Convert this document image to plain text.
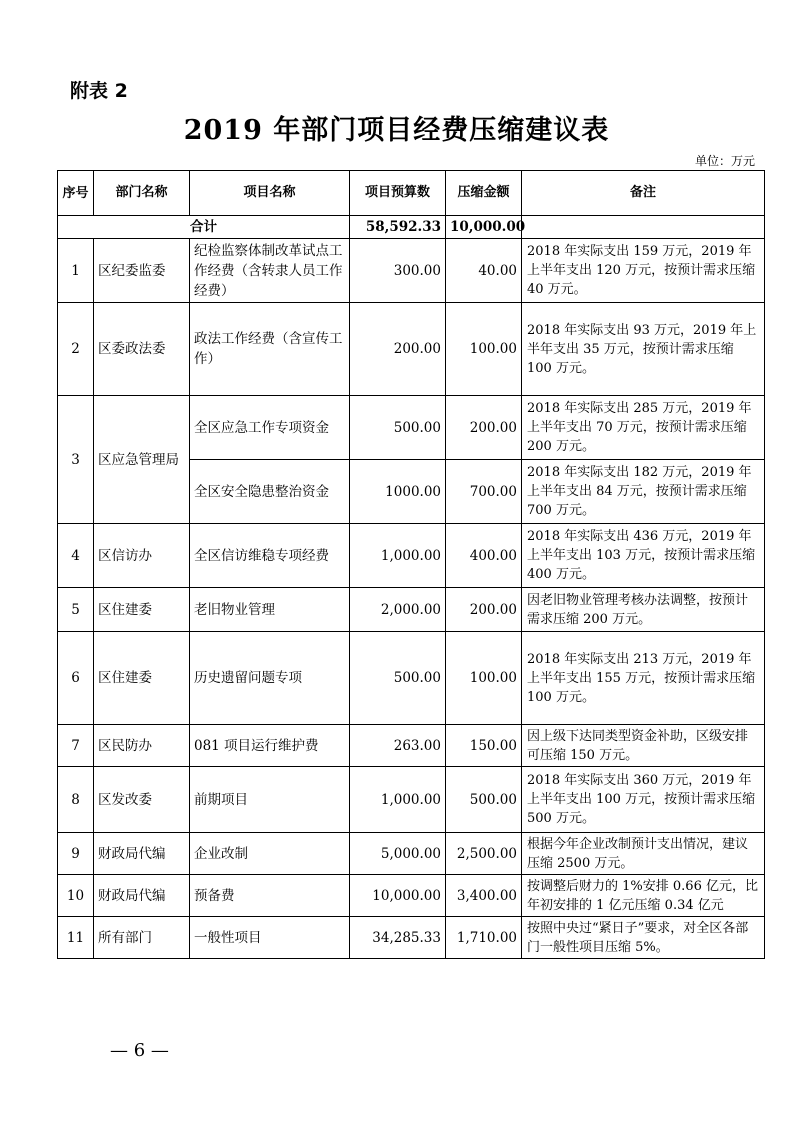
附表 2
2019 年部门项目经费压缩建议表
单位：万元
序号	部门名称	项目名称	项目预算数	压缩金额	备注
合计			58,592.33	10,000.00	
1	区纪委监委	纪检监察体制改革试点工作经费（含转隶人员工作经费）	300.00	40.00	2018 年实际支出 159 万元，2019 年上半年支出 120 万元，按预计需求压缩 40 万元。
2	区委政法委	政法工作经费（含宣传工作）	200.00	100.00	2018 年实际支出 93 万元，2019 年上半年支出 35 万元，按预计需求压缩 100 万元。
3	区应急管理局	全区应急工作专项资金	500.00	200.00	2018 年实际支出 285 万元，2019 年上半年支出 70 万元，按预计需求压缩 200 万元。
		全区安全隐患整治资金	1000.00	700.00	2018 年实际支出 182 万元，2019 年上半年支出 84 万元，按预计需求压缩 700 万元。
4	区信访办	全区信访维稳专项经费	1,000.00	400.00	2018 年实际支出 436 万元，2019 年上半年支出 103 万元，按预计需求压缩 400 万元。
5	区住建委	老旧物业管理	2,000.00	200.00	因老旧物业管理考核办法调整，按预计需求压缩 200 万元。
6	区住建委	历史遗留问题专项	500.00	100.00	2018 年实际支出 213 万元，2019 年上半年支出 155 万元，按预计需求压缩 100 万元。
7	区民防办	081 项目运行维护费	263.00	150.00	因上级下达同类型资金补助，区级安排可压缩 150 万元。
8	区发改委	前期项目	1,000.00	500.00	2018 年实际支出 360 万元，2019 年上半年支出 100 万元，按预计需求压缩 500 万元。
9	财政局代编	企业改制	5,000.00	2,500.00	根据今年企业改制预计支出情况，建议压缩 2500 万元。
10	财政局代编	预备费	10,000.00	3,400.00	按调整后财力的 1%安排 0.66 亿元，比年初安排的 1 亿元压缩 0.34 亿元
11	所有部门	一般性项目	34,285.33	1,710.00	按照中央过“紧日子”要求，对全区各部门一般性项目压缩 5%。
— 6 —
